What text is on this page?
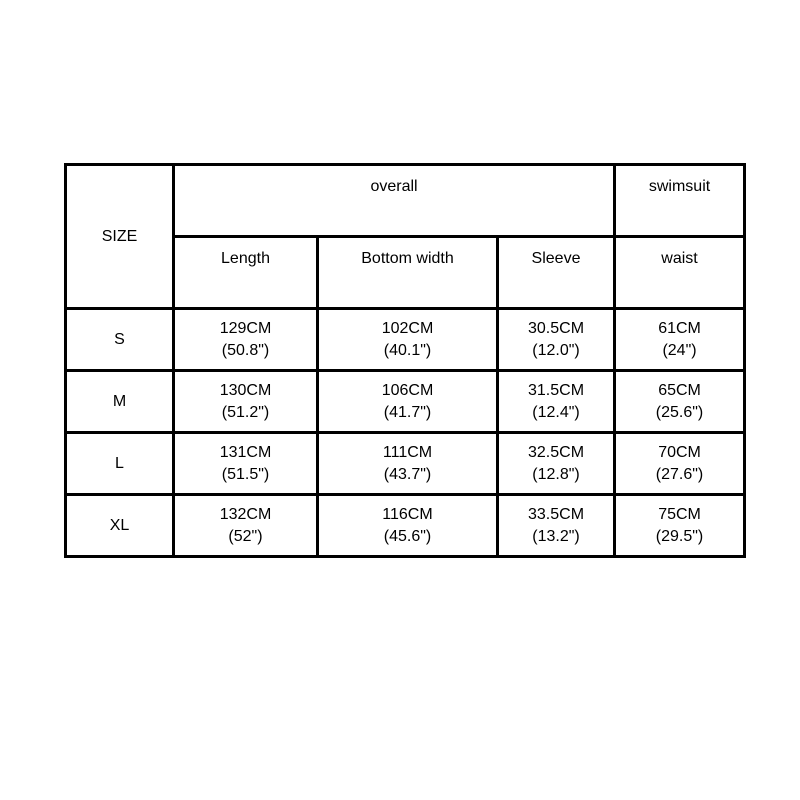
SIZE	overall			swimsuit
	Length	Bottom width	Sleeve	waist
S	129CM
(50.8")	102CM
(40.1")	30.5CM
(12.0")	61CM
(24")

M	130CM
(51.2")	106CM
(41.7")	31.5CM
(12.4")	65CM
(25.6")

L	131CM
(51.5")	111CM
(43.7")	32.5CM
(12.8")	70CM
(27.6")

XL	132CM
(52")	116CM
(45.6")	33.5CM
(13.2")	75CM
(29.5")
